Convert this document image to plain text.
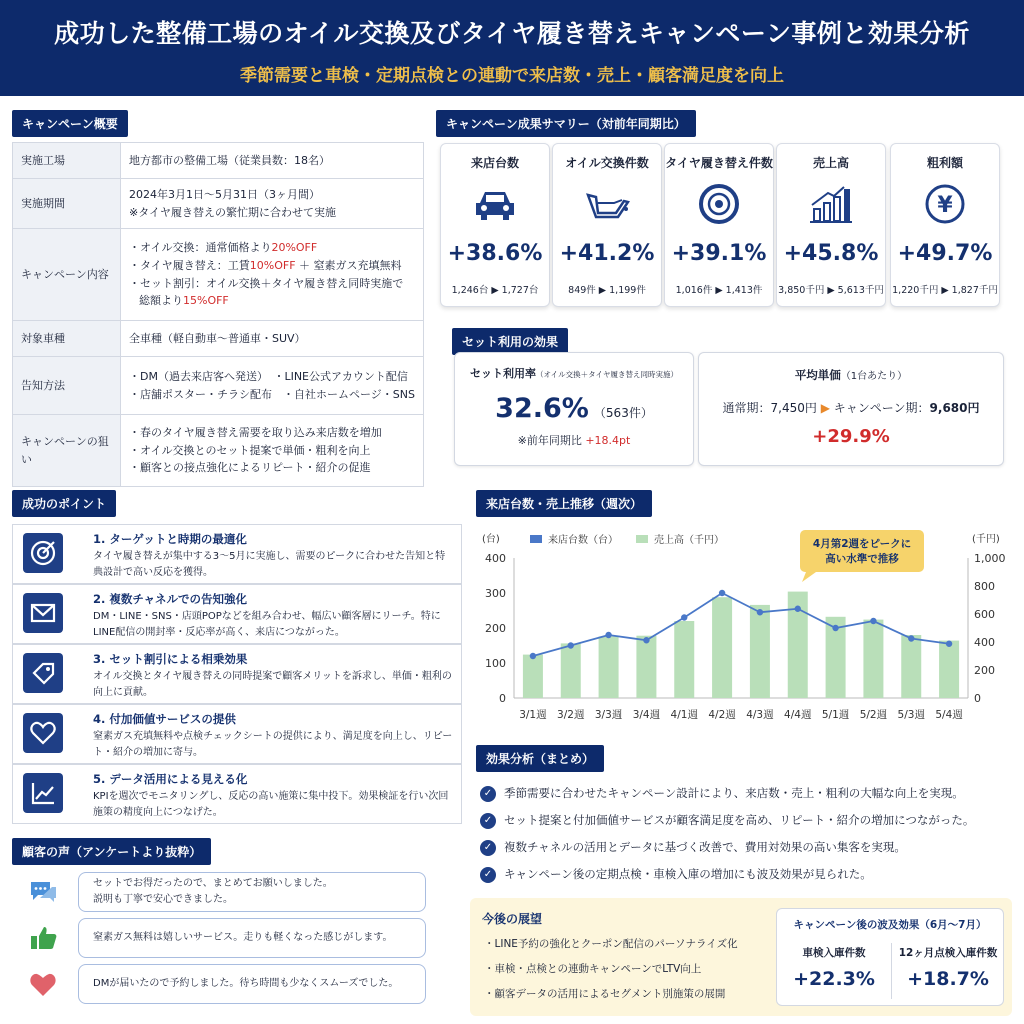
成功した整備工場のオイル交換及びタイヤ履き替えキャンペーン事例と効果分析
季節需要と車検・定期点検との連動で来店数・売上・顧客満足度を向上
キャンペーン概要
実施工場	地方都市の整備工場（従業員数：18名）
実施期間	2024年3月1日〜5月31日（3ヶ月間）
※タイヤ履き替えの繁忙期に合わせて実施

キャンペーン内容	・オイル交換：通常価格より20%OFF
・タイヤ履き替え：工賃10%OFF ＋ 窒素ガス充填無料
・セット割引：オイル交換＋タイヤ履き替え同時実施で
総額より15%OFF

対象車種	全車種（軽自動車〜普通車・SUV）
告知方法	・DM（過去来店客へ発送）　・LINE公式アカウント配信
・店舗ポスター・チラシ配布　・自社ホームページ・SNS

キャンペーンの狙い	・春のタイヤ履き替え需要を取り込み来店数を増加
・オイル交換とのセット提案で単価・粗利を向上
・顧客との接点強化によるリピート・紹介の促進
キャンペーン成果サマリー（対前年同期比）
来店台数
+38.6%
1,246台 ▶ 1,727台
オイル交換件数
+41.2%
849件 ▶ 1,199件
タイヤ履き替え件数
+39.1%
1,016件 ▶ 1,413件
売上高
+45.8%
3,850千円 ▶ 5,613千円
粗利額
¥
+49.7%
1,220千円 ▶ 1,827千円
セット利用の効果
セット利用率（オイル交換＋タイヤ履き替え同時実施）
32.6% （563件）
※前年同期比 +18.4pt
平均単価（1台あたり）
通常期：7,450円 ▶ キャンペーン期：9,680円
+29.9%
成功のポイント
1. ターゲットと時期の最適化
タイヤ履き替えが集中する3〜5月に実施し、需要のピークに合わせた告知と特典設計で高い反応を獲得。
2. 複数チャネルでの告知強化
DM・LINE・SNS・店頭POPなどを組み合わせ、幅広い顧客層にリーチ。特にLINE配信の開封率・反応率が高く、来店につながった。
3. セット割引による相乗効果
オイル交換とタイヤ履き替えの同時提案で顧客メリットを訴求し、単価・粗利の向上に貢献。
4. 付加価値サービスの提供
窒素ガス充填無料や点検チェックシートの提供により、満足度を向上し、リピート・紹介の増加に寄与。
5. データ活用による見える化
KPIを週次でモニタリングし、反応の高い施策に集中投下。効果検証を行い次回施策の精度向上につなげた。
顧客の声（アンケートより抜粋）
セットでお得だったので、まとめてお願いしました。
説明も丁寧で安心できました。
窒素ガス無料は嬉しいサービス。走りも軽くなった感じがします。
DMが届いたので予約しました。待ち時間も少なくスムーズでした。
来店台数・売上推移（週次）
(台)	(千円)
0
100
200
300
400
0
200
400
600
800
1,000
3/1週 3/2週 3/3週 3/4週 4/1週 4/2週 4/3週 4/4週 5/1週 5/2週 5/3週 5/4週
来店台数（台）	売上高（千円）	4月第2週をピークに
高い水準で推移
効果分析（まとめ）
✓ 季節需要に合わせたキャンペーン設計により、来店数・売上・粗利の大幅な向上を実現。
✓ セット提案と付加価値サービスが顧客満足度を高め、リピート・紹介の増加につながった。
✓ 複数チャネルの活用とデータに基づく改善で、費用対効果の高い集客を実現。
✓ キャンペーン後の定期点検・車検入庫の増加にも波及効果が見られた。
今後の展望
・LINE予約の強化とクーポン配信のパーソナライズ化
・車検・点検との連動キャンペーンでLTV向上
・顧客データの活用によるセグメント別施策の展開
キャンペーン後の波及効果（6月〜7月）
車検入庫件数
+22.3%
12ヶ月点検入庫件数
+18.7%
